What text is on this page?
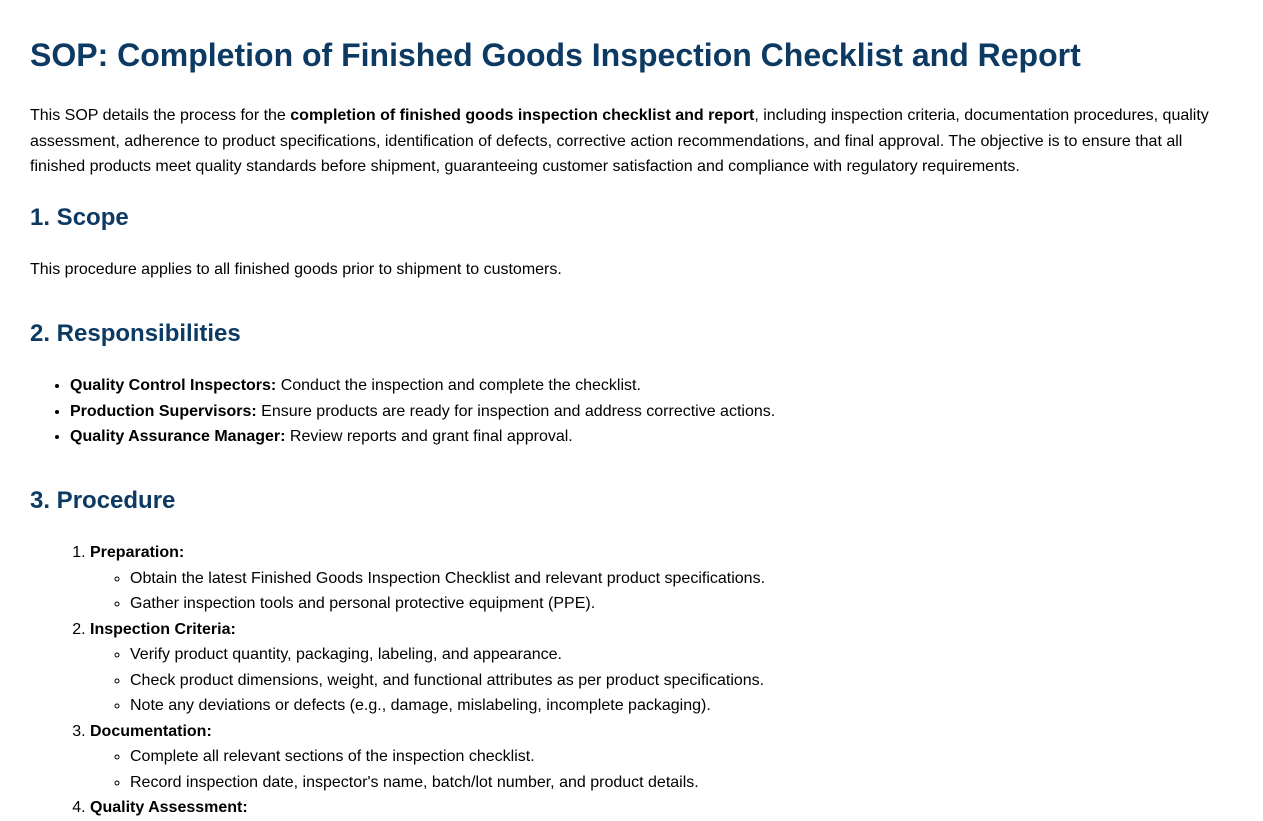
SOP: Completion of Finished Goods Inspection Checklist and Report

This SOP details the process for the completion of finished goods inspection checklist and report, including inspection criteria, documentation procedures, quality assessment, adherence to product specifications, identification of defects, corrective action recommendations, and final approval. The objective is to ensure that all finished products meet quality standards before shipment, guaranteeing customer satisfaction and compliance with regulatory requirements.

1. Scope

This procedure applies to all finished goods prior to shipment to customers.

2. Responsibilities
• Quality Control Inspectors: Conduct the inspection and complete the checklist.
• Production Supervisors: Ensure products are ready for inspection and address corrective actions.
• Quality Assurance Manager: Review reports and grant final approval.
3. Procedure
1. Preparation:
◦ Obtain the latest Finished Goods Inspection Checklist and relevant product specifications.
◦ Gather inspection tools and personal protective equipment (PPE).
2. Inspection Criteria:
◦ Verify product quantity, packaging, labeling, and appearance.
◦ Check product dimensions, weight, and functional attributes as per product specifications.
◦ Note any deviations or defects (e.g., damage, mislabeling, incomplete packaging).
3. Documentation:
◦ Complete all relevant sections of the inspection checklist.
◦ Record inspection date, inspector's name, batch/lot number, and product details.
4. Quality Assessment:
